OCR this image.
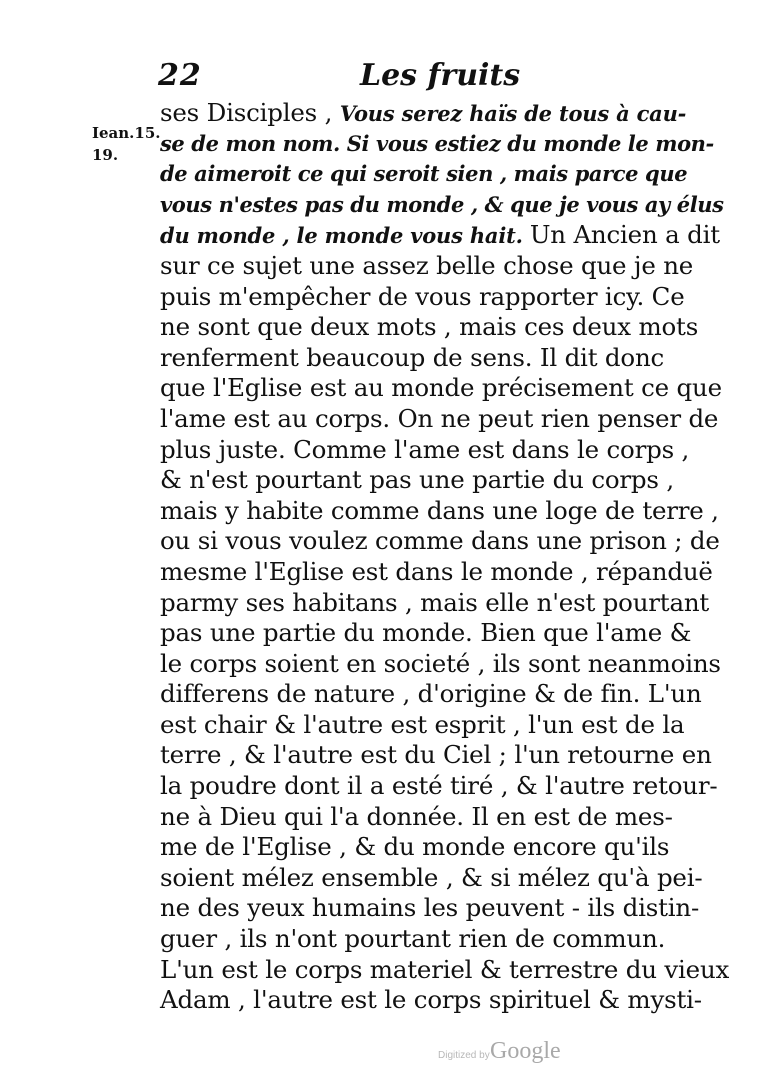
22	Les fruits
Iean.15.
19.
ses Disciples , Vous serez haïs de tous à cau-
se de mon nom. Si vous estiez du monde le mon-
de aimeroit ce qui seroit sien , mais parce que
vous n'estes pas du monde , & que je vous ay élus
du monde , le monde vous hait. Un Ancien a dit
sur ce sujet une assez belle chose que je ne
puis m'empêcher de vous rapporter icy. Ce
ne sont que deux mots , mais ces deux mots
renferment beaucoup de sens. Il dit donc
que l'Eglise est au monde précisement ce que
l'ame est au corps. On ne peut rien penser de
plus juste. Comme l'ame est dans le corps ,
& n'est pourtant pas une partie du corps ,
mais y habite comme dans une loge de terre ,
ou si vous voulez comme dans une prison ; de
mesme l'Eglise est dans le monde , répanduë
parmy ses habitans , mais elle n'est pourtant
pas une partie du monde. Bien que l'ame &
le corps soient en societé , ils sont neanmoins
differens de nature , d'origine & de fin. L'un
est chair & l'autre est esprit , l'un est de la
terre , & l'autre est du Ciel ; l'un retourne en
la poudre dont il a esté tiré , & l'autre retour-
ne à Dieu qui l'a donnée. Il en est de mes-
me de l'Eglise , & du monde encore qu'ils
soient mélez ensemble , & si mélez qu'à pei-
ne des yeux humains les peuvent - ils distin-
guer , ils n'ont pourtant rien de commun.
L'un est le corps materiel & terrestre du vieux
Adam , l'autre est le corps spirituel & mysti-
Digitized by Google
